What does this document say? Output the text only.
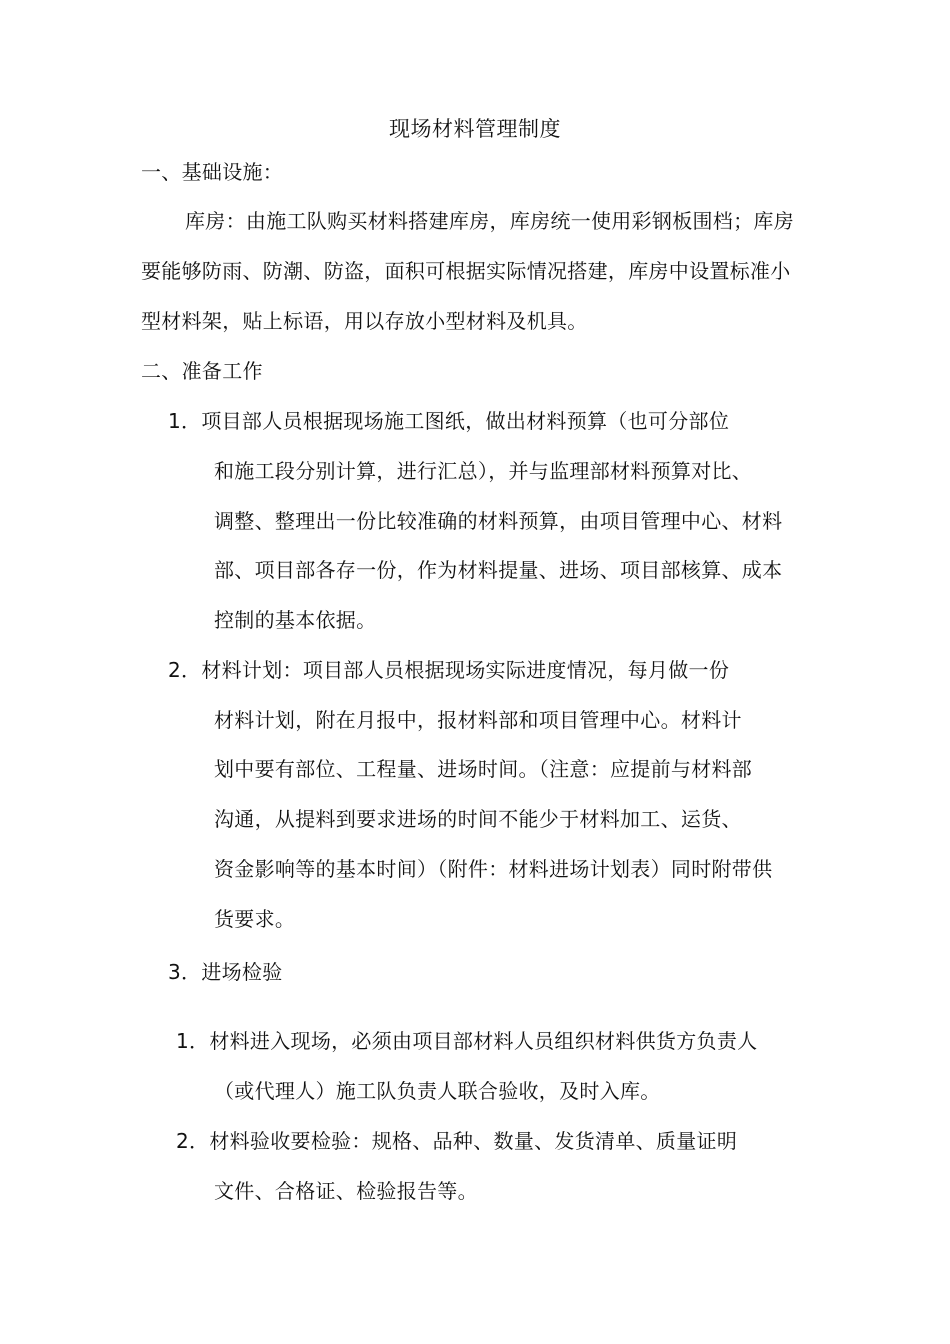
现场材料管理制度
一、基础设施：
库房：由施工队购买材料搭建库房，库房统一使用彩钢板围档；库房
要能够防雨、防潮、防盗，面积可根据实际情况搭建，库房中设置标准小
型材料架，贴上标语，用以存放小型材料及机具。
二、准备工作
1．项目部人员根据现场施工图纸，做出材料预算（也可分部位
和施工段分别计算，进行汇总），并与监理部材料预算对比、
调整、整理出一份比较准确的材料预算，由项目管理中心、材料
部、项目部各存一份，作为材料提量、进场、项目部核算、成本
控制的基本依据。
2．材料计划：项目部人员根据现场实际进度情况，每月做一份
材料计划，附在月报中，报材料部和项目管理中心。材料计
划中要有部位、工程量、进场时间。（注意：应提前与材料部
沟通，从提料到要求进场的时间不能少于材料加工、运货、
资金影响等的基本时间）（附件：材料进场计划表）同时附带供
货要求。
3．进场检验
1．材料进入现场，必须由项目部材料人员组织材料供货方负责人
（或代理人）施工队负责人联合验收，及时入库。
2．材料验收要检验：规格、品种、数量、发货清单、质量证明
文件、合格证、检验报告等。
